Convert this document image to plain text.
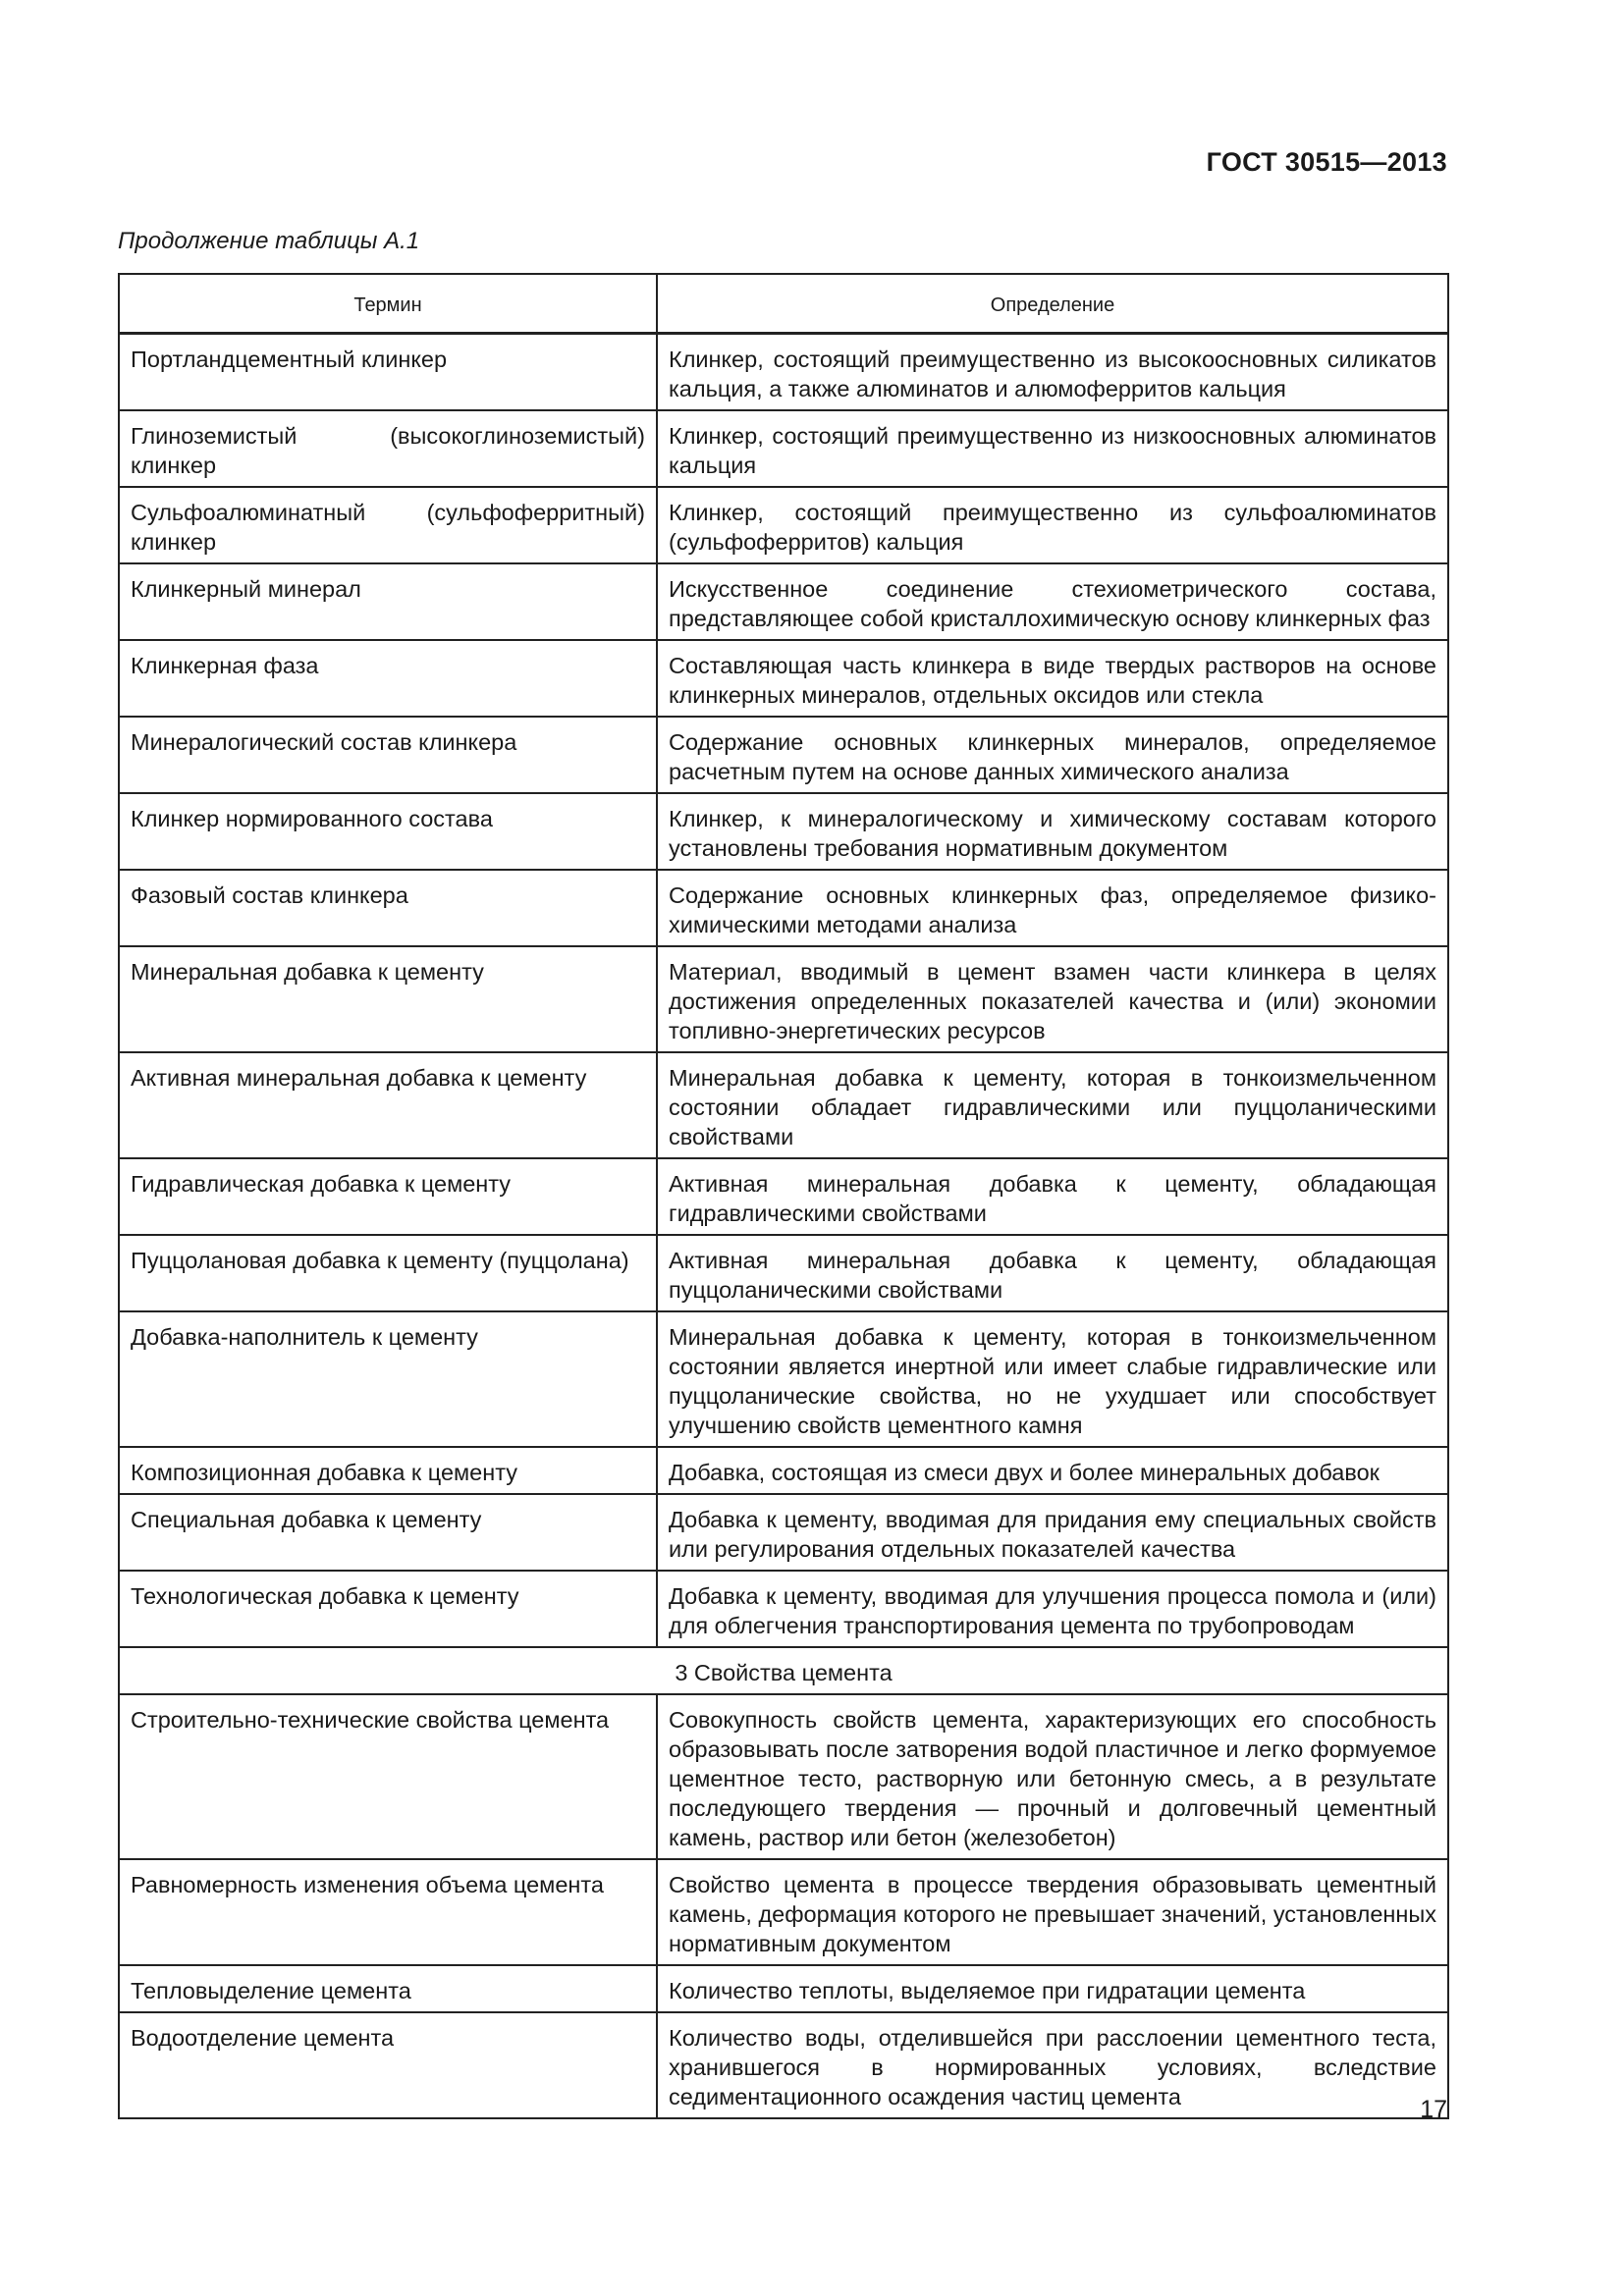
ГОСТ 30515—2013
Продолжение таблицы А.1
Термин	Определение
Портландцементный клинкер	Клинкер, состоящий преимущественно из высокоосновных силикатов кальция, а также алюминатов и алюмоферритов кальция
Глиноземистый (высокоглиноземистый) клинкер	Клинкер, состоящий преимущественно из низкоосновных алюминатов кальция
Сульфоалюминатный (сульфоферритный) клинкер	Клинкер, состоящий преимущественно из сульфоалюминатов (сульфоферритов) кальция
Клинкерный минерал	Искусственное соединение стехиометрического состава, представляющее собой кристаллохимическую основу клинкерных фаз
Клинкерная фаза	Составляющая часть клинкера в виде твердых растворов на основе клинкерных минералов, отдельных оксидов или стекла
Минералогический состав клинкера	Содержание основных клинкерных минералов, определяемое расчетным путем на основе данных химического анализа
Клинкер нормированного состава	Клинкер, к минералогическому и химическому составам которого установлены требования нормативным документом
Фазовый состав клинкера	Содержание основных клинкерных фаз, определяемое физико-химическими методами анализа
Минеральная добавка к цементу	Материал, вводимый в цемент взамен части клинкера в целях достижения определенных показателей качества и (или) экономии топливно-энергетических ресурсов
Активная минеральная добавка к цементу	Минеральная добавка к цементу, которая в тонкоизмельченном состоянии обладает гидравлическими или пуццоланическими свойствами
Гидравлическая добавка к цементу	Активная минеральная добавка к цементу, обладающая гидравлическими свойствами
Пуццолановая добавка к цементу (пуццолана)	Активная минеральная добавка к цементу, обладающая пуццоланическими свойствами
Добавка-наполнитель к цементу	Минеральная добавка к цементу, которая в тонкоизмельченном состоянии является инертной или имеет слабые гидравлические или пуццоланические свойства, но не ухудшает или способствует улучшению свойств цементного камня
Композиционная добавка к цементу	Добавка, состоящая из смеси двух и более минеральных добавок
Специальная добавка к цементу	Добавка к цементу, вводимая для придания ему специальных свойств или регулирования отдельных показателей качества
Технологическая добавка к цементу	Добавка к цементу, вводимая для улучшения процесса помола и (или) для облегчения транспортирования цемента по трубопроводам
3 Свойства цемента	
Строительно-технические свойства цемента	Совокупность свойств цемента, характеризующих его способность образовывать после затворения водой пластичное и легко формуемое цементное тесто, растворную или бетонную смесь, а в результате последующего твердения — прочный и долговечный цементный камень, раствор или бетон (железобетон)
Равномерность изменения объема цемента	Свойство цемента в процессе твердения образовывать цементный камень, деформация которого не превышает значений, установленных нормативным документом
Тепловыделение цемента	Количество теплоты, выделяемое при гидратации цемента
Водоотделение цемента	Количество воды, отделившейся при расслоении цементного теста, хранившегося в нормированных условиях, вследствие седиментационного осаждения частиц цемента	17
